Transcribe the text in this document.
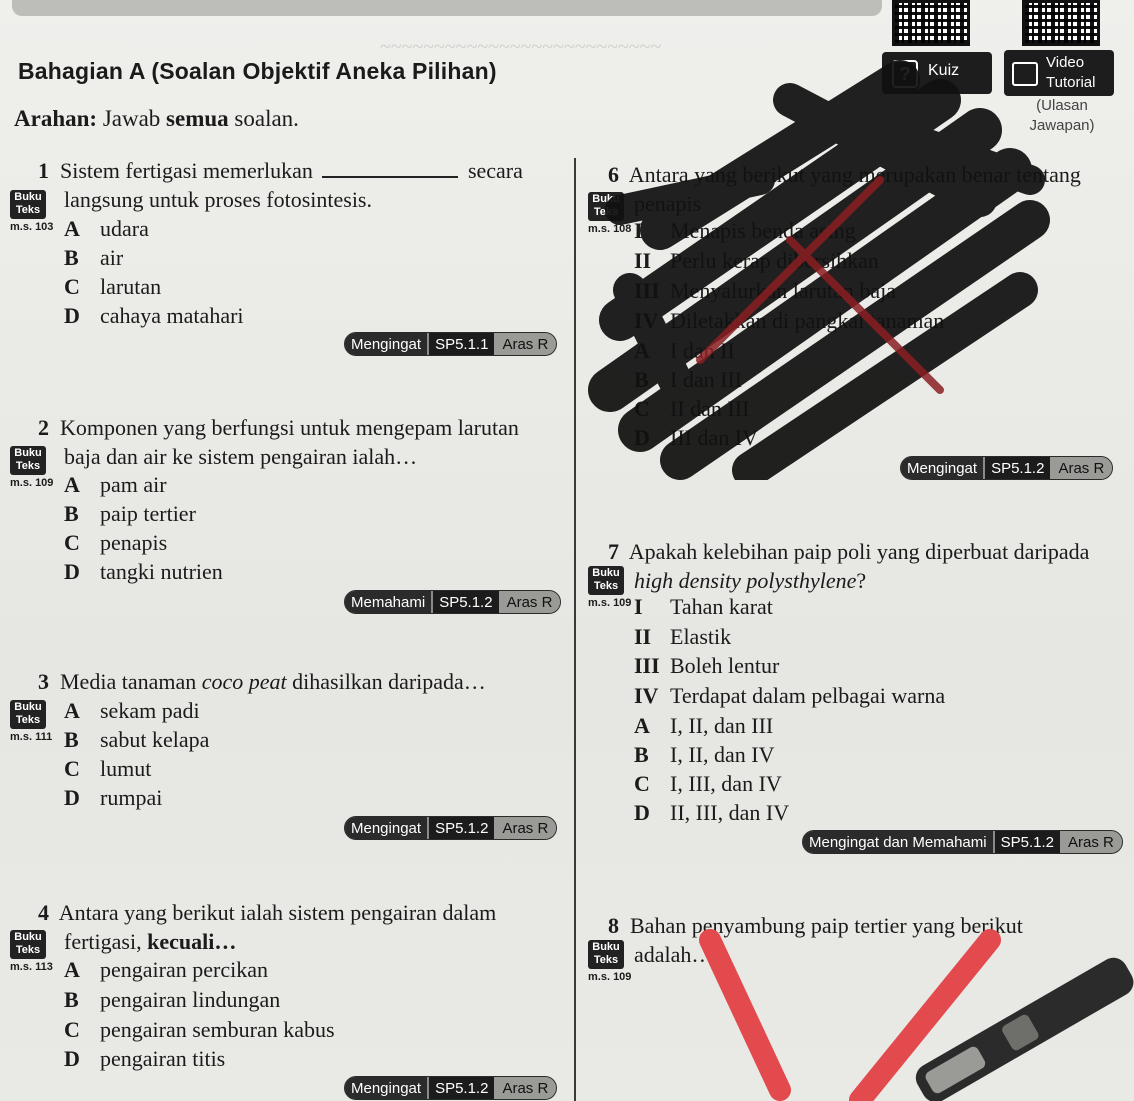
?	Kuiz	Video
Tutorial
(Ulasan
Jawapan)
Bahagian A (Soalan Objektif Aneka Pilihan)
Arahan: Jawab semua soalan.
~~~~~~~~~~~~~~~~~~~~~~~~~~
1 Sistem fertigasi memerlukan	secara
langsung untuk proses fotosintesis.
Buku
Teks
m.s. 103 A udara
B air
C larutan
D cahaya matahari
Mengingat SP5.1.1 Aras R
2 Komponen yang berfungsi untuk mengepam larutan
baja dan air ke sistem pengairan ialah…
Buku
Teks
m.s. 109 A pam air
B paip tertier
C penapis
D tangki nutrien
Memahami SP5.1.2 Aras R
3 Media tanaman coco peat dihasilkan daripada…
Buku
Teks
m.s. 111
A sekam padi
B sabut kelapa
C lumut
D rumpai
Mengingat SP5.1.2 Aras R
4 Antara yang berikut ialah sistem pengairan dalam
fertigasi, kecuali…
Buku
Teks
m.s. 113 A pengairan percikan
B pengairan lindungan
C pengairan semburan kabus
D pengairan titis
Mengingat SP5.1.2 Aras R
6 Antara yang berikut yang merupakan benar tentang
penapis
Buku
Teks
m.s. 108 I Menapis benda asing
II Perlu kerap dibersihkan
III Menyalurkan larutan baja
IV Diletakkan di pangkal tanaman
A I dan II
B I dan III
C II dan III
D III dan IV
Mengingat SP5.1.2 Aras R
7 Apakah kelebihan paip poli yang diperbuat daripada
high density polysthylene?
Buku
Teks
m.s. 109 I Tahan karat
II Elastik
III Boleh lentur
IV Terdapat dalam pelbagai warna
A I, II, dan III
B I, II, dan IV
C I, III, dan IV
D II, III, dan IV
Mengingat dan Memahami SP5.1.2 Aras R
8 Bahan penyambung paip tertier yang berikut
adalah…
Buku
Teks
m.s. 109
